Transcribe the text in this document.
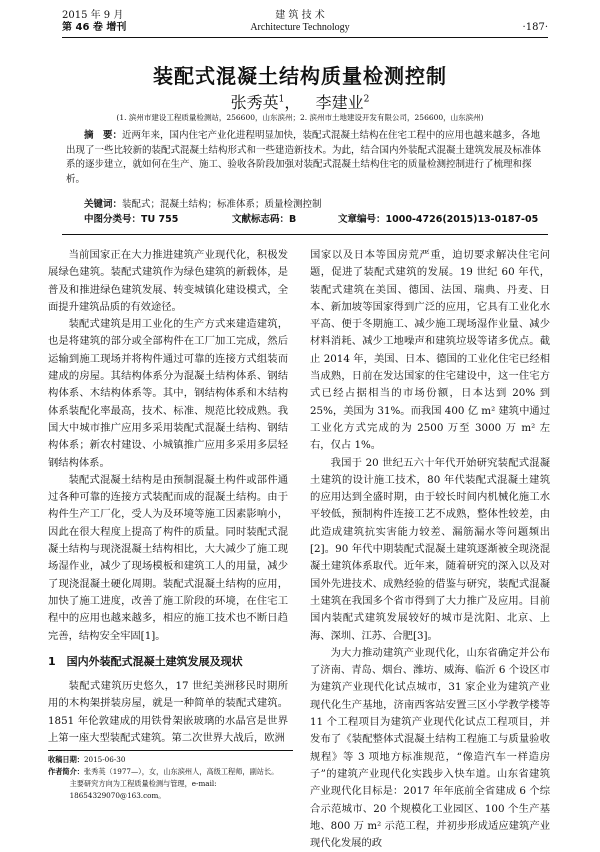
2015 年 9 月
第 46 卷 增刊
建 筑 技 术
Architecture Technology	·187·
装配式混凝土结构质量检测控制
张秀英$^1$，   李建业$^2$
(1. 滨州市建设工程质量检测站，256600，山东滨州；2. 滨州市土地建设开发有限公司，256600，山东滨州)
摘　要：近两年来，国内住宅产业化进程明显加快，装配式混凝土结构在住宅工程中的应用也越来越多，各地出现了一些比较新的装配式混凝土结构形式和一些建造新技术。为此，结合国内外装配式混凝土建筑发展及标准体系的逐步建立，就如何在生产、施工、验收各阶段加强对装配式混凝土结构住宅的质量检测控制进行了梳理和探析。
关键词：装配式；混凝土结构；标准体系；质量检测控制
中图分类号：TU 755	文献标志码：B	文章编号：1000-4726(2015)13-0187-05

当前国家正在大力推进建筑产业现代化，积极发展绿色建筑。装配式建筑作为绿色建筑的新载体，是普及和推进绿色建筑发展、转变城镇化建设模式，全面提升建筑品质的有效途径。

装配式建筑是用工业化的生产方式来建造建筑，也是将建筑的部分或全部构件在工厂加工完成，然后运输到施工现场并将构件通过可靠的连接方式组装而建成的房屋。其结构体系分为混凝土结构体系、钢结构体系、木结构体系等。其中，钢结构体系和木结构体系装配化率最高，技术、标准、规范比较成熟。我国大中城市推广应用多采用装配式混凝土结构、钢结构体系；新农村建设、小城镇推广应用多采用多层轻钢结构体系。

装配式混凝土结构是由预制混凝土构件或部件通过各种可靠的连接方式装配而成的混凝土结构。由于构件生产工厂化，受人为及环境等施工因素影响小，因此在很大程度上提高了构件的质量。同时装配式混凝土结构与现浇混凝土结构相比，大大减少了施工现场湿作业，减少了现场模板和建筑工人的用量，减少了现浇混凝土硬化周期。装配式混凝土结构的应用，加快了施工进度，改善了施工阶段的环境，在住宅工程中的应用也越来越多，相应的施工技术也不断日趋完善，结构安全牢固[1]。

1　国内外装配式混凝土建筑发展及现状

装配式建筑历史悠久，17 世纪美洲移民时期所用的木构架拼装房屋，就是一种简单的装配式建筑。1851 年伦敦建成的用铁骨架嵌玻璃的水晶宫是世界上第一座大型装配式建筑。第二次世界大战后，欧洲

国家以及日本等国房荒严重，迫切要求解决住宅问题，促进了装配式建筑的发展。19 世纪 60 年代，装配式建筑在美国、德国、法国、瑞典、丹麦、日本、新加坡等国家得到广泛的应用，它具有工业化水平高、便于冬期施工、减少施工现场湿作业量、减少材料消耗、减少工地噪声和建筑垃圾等诸多优点。截止 2014 年，美国、日本、德国的工业化住宅已经相当成熟，日前在发达国家的住宅建设中，这一住宅方式已经占据相当的市场份额，日本达到 20% 到 25%，美国为 31%。而我国 400 亿 m² 建筑中通过工业化方式完成的为 2500 万至 3000 万 m² 左右，仅占 1%。

我国于 20 世纪五六十年代开始研究装配式混凝土建筑的设计施工技术，80 年代装配式混凝土建筑的应用达到全盛时期，由于较长时间内机械化施工水平较低，预制构件连接工艺不成熟，整体性较差，由此造成建筑抗实害能力较差、漏筋漏水等问题频出[2]。90 年代中期装配式混凝土建筑逐渐被全现浇混凝土建筑体系取代。近年来，随着研究的深入以及对国外先进技术、成熟经验的借鉴与研究，装配式混凝土建筑在我国多个省市得到了大力推广及应用。目前国内装配式建筑发展较好的城市是沈阳、北京、上海、深圳、江苏、合肥[3]。

为大力推动建筑产业现代化，山东省确定并公布了济南、青岛、烟台、潍坊、威海、临沂 6 个设区市为建筑产业现代化试点城市，31 家企业为建筑产业现代化生产基地，济南西客站安置三区小学教学楼等 11 个工程项目为建筑产业现代化试点工程项目，并发布了《装配整体式混凝土结构工程施工与质量验收规程》等 3 项地方标准规范，“像造汽车一样造房子”的建筑产业现代化实践步入快车道。山东省建筑产业现代化目标是：2017 年年底前全省建成 6 个综合示范城市、20 个规模化工业园区、100 个生产基地、800 万 m² 示范工程，并初步形成适应建筑产业现代化发展的政

收稿日期：2015-06-30
作者简介：张秀英（1977—），女，山东滨州人，高级工程师，副站长。
主要研究方向为工程质量检测与管理，e-mail: 18654329070@163.com。
